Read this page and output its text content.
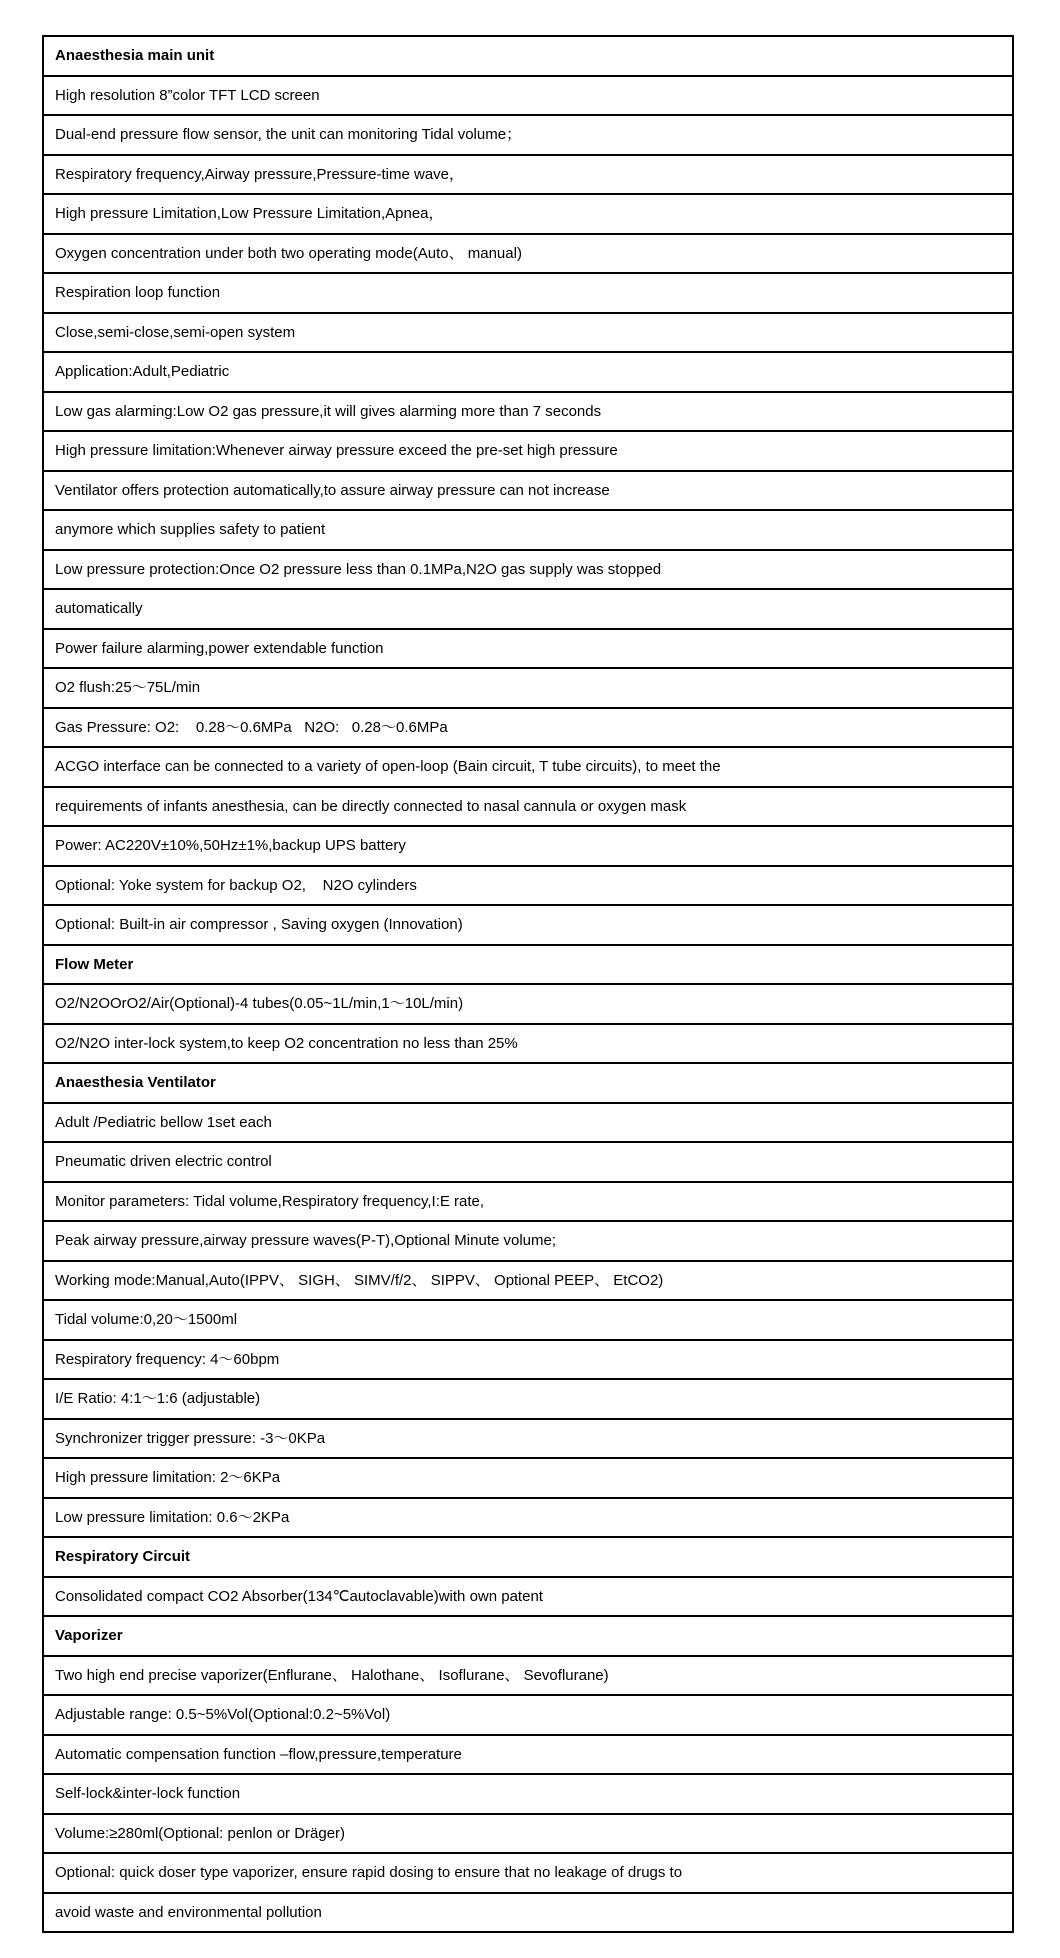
Anaesthesia main unit
High resolution 8”color TFT LCD screen
Dual-end pressure flow sensor, the unit can monitoring Tidal volume；
Respiratory frequency,Airway pressure,Pressure-time wave，
High pressure Limitation,Low Pressure Limitation,Apnea，
Oxygen concentration under both two operating mode(Auto、 manual)
Respiration loop function
Close,semi-close,semi-open system
Application:Adult,Pediatric
Low gas alarming:Low O2 gas pressure,it will gives alarming more than 7 seconds
High pressure limitation:Whenever airway pressure exceed the pre-set high pressure
Ventilator offers protection automatically,to assure airway pressure can not increase
anymore which supplies safety to patient
Low pressure protection:Once O2 pressure less than 0.1MPa,N2O gas supply was stopped
automatically
Power failure alarming,power extendable function
O2 flush:25～75L/min
Gas Pressure: O2:    0.28～0.6MPa   N2O:   0.28～0.6MPa
ACGO interface can be connected to a variety of open-loop (Bain circuit, T tube circuits), to meet the
requirements of infants anesthesia, can be directly connected to nasal cannula or oxygen mask
Power: AC220V±10%,50Hz±1%,backup UPS battery
Optional: Yoke system for backup O2,    N2O cylinders
Optional: Built-in air compressor , Saving oxygen (Innovation)
Flow Meter
O2/N2OOrO2/Air(Optional)-4 tubes(0.05~1L/min,1～10L/min)
O2/N2O inter-lock system,to keep O2 concentration no less than 25%
Anaesthesia Ventilator
Adult /Pediatric bellow 1set each
Pneumatic driven electric control
Monitor parameters: Tidal volume,Respiratory frequency,I:E rate,
Peak airway pressure,airway pressure waves(P-T),Optional Minute volume;
Working mode:Manual,Auto(IPPV、 SIGH、 SIMV/f/2、 SIPPV、 Optional PEEP、 EtCO2)
Tidal volume:0,20～1500ml
Respiratory frequency: 4～60bpm
I/E Ratio: 4:1～1:6 (adjustable)
Synchronizer trigger pressure: -3～0KPa
High pressure limitation: 2～6KPa
Low pressure limitation: 0.6～2KPa
Respiratory Circuit
Consolidated compact CO2 Absorber(134℃autoclavable)with own patent
Vaporizer
Two high end precise vaporizer(Enflurane、 Halothane、 Isoflurane、 Sevoflurane)
Adjustable range: 0.5~5%Vol(Optional:0.2~5%Vol)
Automatic compensation function –flow,pressure,temperature
Self-lock&inter-lock function
Volume:≥280ml(Optional: penlon or Dräger)
Optional: quick doser type vaporizer, ensure rapid dosing to ensure that no leakage of drugs to
avoid waste and environmental pollution
